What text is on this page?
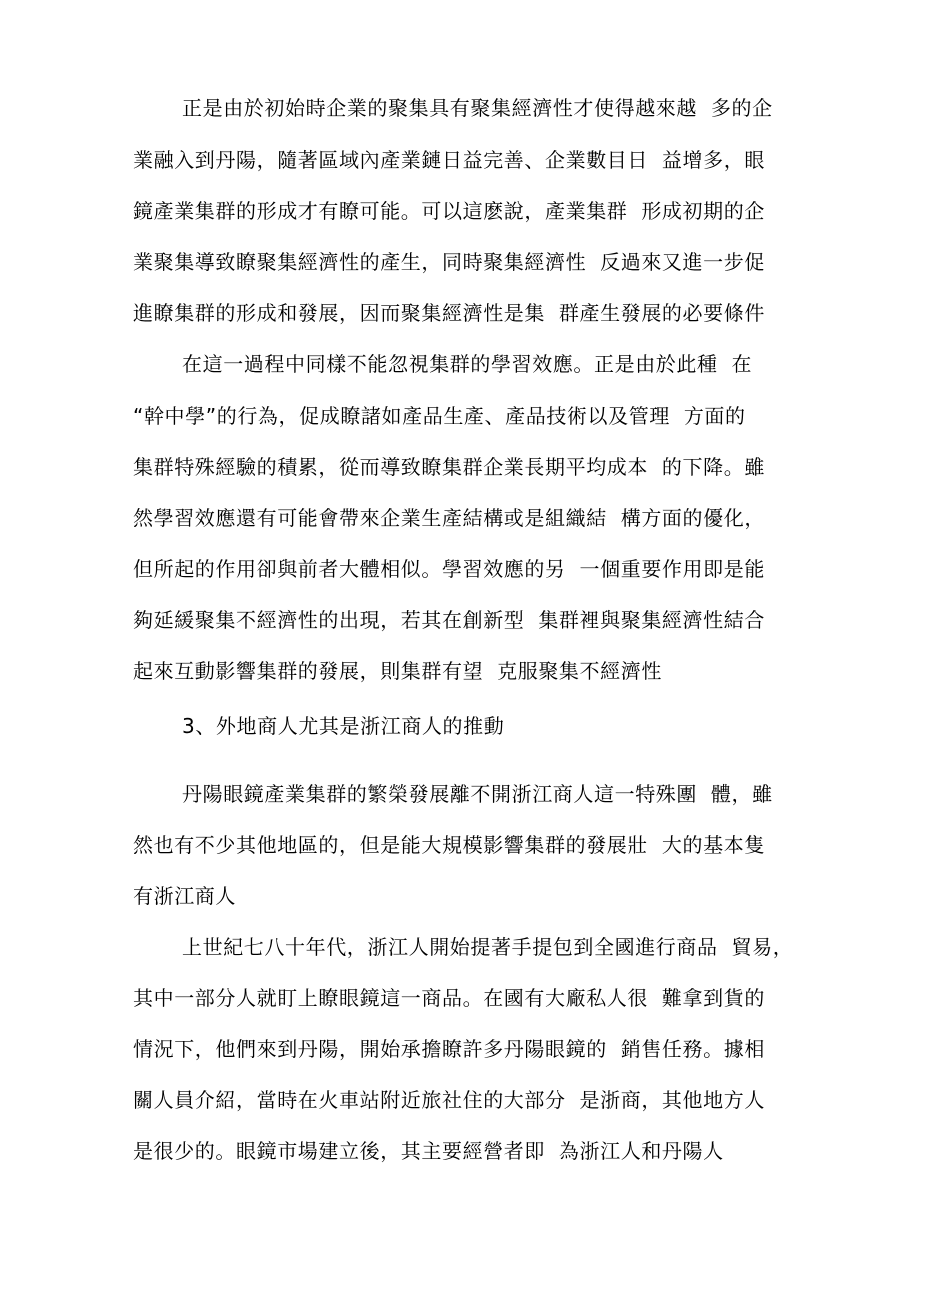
正是由於初始時企業的聚集具有聚集經濟性才使得越來越  多的企
業融入到丹陽，隨著區域內產業鏈日益完善、企業數目日  益增多，眼
鏡產業集群的形成才有瞭可能。可以這麽說，產業集群  形成初期的企
業聚集導致瞭聚集經濟性的產生，同時聚集經濟性  反過來又進一步促
進瞭集群的形成和發展，因而聚集經濟性是集  群產生發展的必要條件
在這一過程中同樣不能忽視集群的學習效應。正是由於此種  在
“幹中學”的行為，促成瞭諸如產品生產、產品技術以及管理  方面的
集群特殊經驗的積累，從而導致瞭集群企業長期平均成本  的下降。雖
然學習效應還有可能會帶來企業生產結構或是組織結  構方面的優化，
但所起的作用卻與前者大體相似。學習效應的另  一個重要作用即是能
夠延緩聚集不經濟性的出現，若其在創新型  集群裡與聚集經濟性結合
起來互動影響集群的發展，則集群有望  克服聚集不經濟性
3、外地商人尤其是浙江商人的推動
丹陽眼鏡產業集群的繁榮發展離不開浙江商人這一特殊團  體，雖
然也有不少其他地區的，但是能大規模影響集群的發展壯  大的基本隻
有浙江商人
上世紀七八十年代，浙江人開始提著手提包到全國進行商品  貿易，
其中一部分人就盯上瞭眼鏡這一商品。在國有大廠私人很  難拿到貨的
情況下，他們來到丹陽，開始承擔瞭許多丹陽眼鏡的  銷售任務。據相
關人員介紹，當時在火車站附近旅社住的大部分  是浙商，其他地方人
是很少的。眼鏡市場建立後，其主要經營者即  為浙江人和丹陽人
